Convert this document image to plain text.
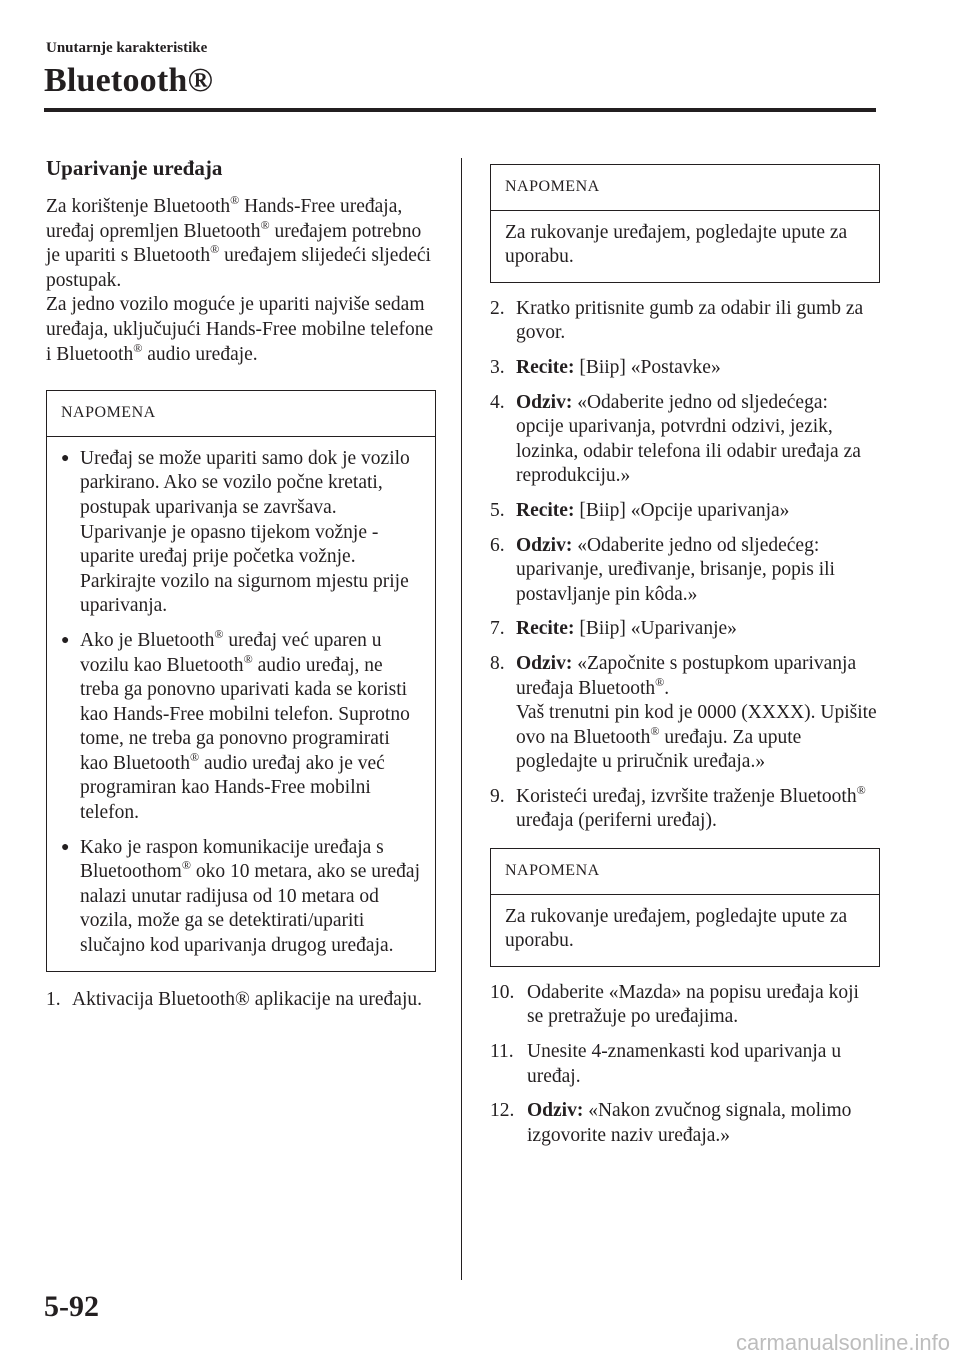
Unutarnje karakteristike
Bluetooth®
Uparivanje uređaja

Za korištenje Bluetooth® Hands-Free uređaja, uređaj opremljen Bluetooth® uređajem potrebno je upariti s Bluetooth® uređajem slijedeći sljedeći postupak.
Za jedno vozilo moguće je upariti najviše sedam uređaja, uključujući Hands-Free mobilne telefone i Bluetooth® audio uređaje.

NAPOMENA
● Uređaj se može upariti samo dok je vozilo parkirano. Ako se vozilo počne kretati, postupak uparivanja se završava. Uparivanje je opasno tijekom vožnje - uparite uređaj prije početka vožnje. Parkirajte vozilo na sigurnom mjestu prije uparivanja.
● Ako je Bluetooth® uređaj već uparen u vozilu kao Bluetooth® audio uređaj, ne treba ga ponovno uparivati kada se koristi kao Hands-Free mobilni telefon. Suprotno tome, ne treba ga ponovno programirati kao Bluetooth® audio uređaj ako je već programiran kao Hands-Free mobilni telefon.
● Kako je raspon komunikacije uređaja s Bluetoothom® oko 10 metara, ako se uređaj nalazi unutar radijusa od 10 metara od vozila, može ga se detektirati/upariti slučajno kod uparivanja drugog uređaja.
1. Aktivacija Bluetooth® aplikacije na uređaju.
NAPOMENA
Za rukovanje uređajem, pogledajte upute za uporabu.
2. Kratko pritisnite gumb za odabir ili gumb za govor.
3. Recite: [Biip] «Postavke»
4. Odziv: «Odaberite jedno od sljedećega: opcije uparivanja, potvrdni odzivi, jezik, lozinka, odabir telefona ili odabir uređaja za reprodukciju.»
5. Recite: [Biip] «Opcije uparivanja»
6. Odziv: «Odaberite jedno od sljedećeg: uparivanje, uređivanje, brisanje, popis ili postavljanje pin kôda.»
7. Recite: [Biip] «Uparivanje»
8. Odziv: «Započnite s postupkom uparivanja uređaja Bluetooth®.
Vaš trenutni pin kod je 0000 (XXXX). Upišite ovo na Bluetooth® uređaju. Za upute pogledajte u priručnik uređaja.»
9. Koristeći uređaj, izvršite traženje Bluetooth® uređaja (periferni uređaj).
NAPOMENA
Za rukovanje uređajem, pogledajte upute za uporabu.
10. Odaberite «Mazda» na popisu uređaja koji se pretražuje po uređajima.
11. Unesite 4-znamenkasti kod uparivanja u uređaj.
12. Odziv: «Nakon zvučnog signala, molimo izgovorite naziv uređaja.»
5-92
carmanualsonline.info
